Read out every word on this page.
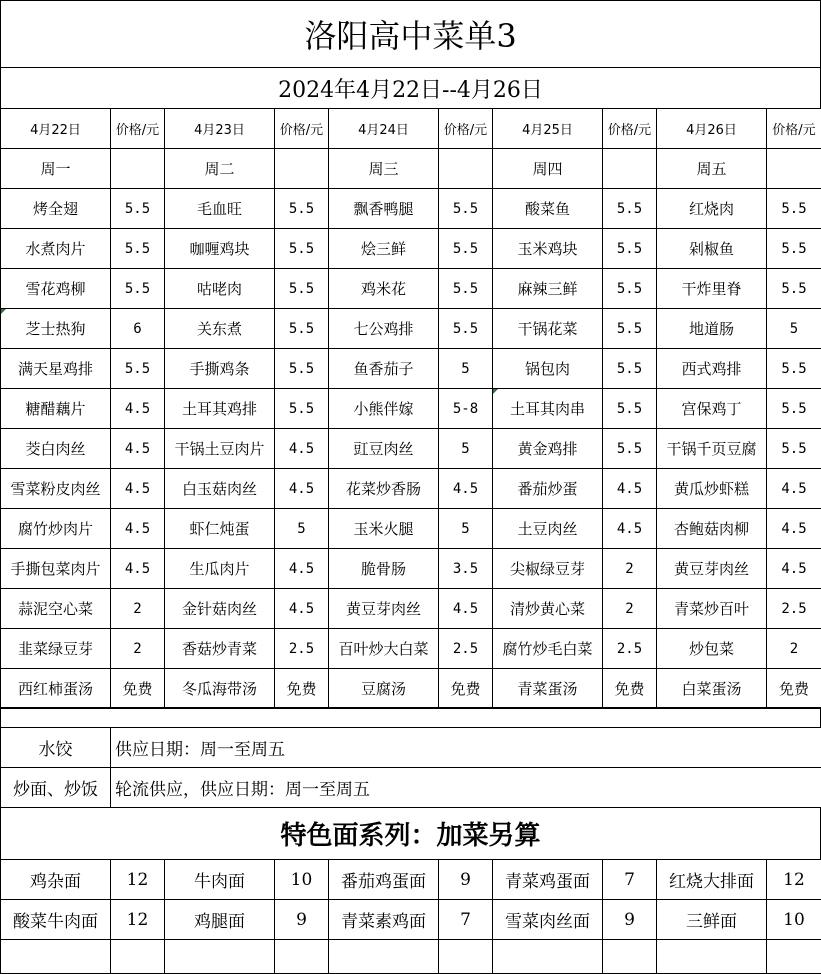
洛阳高中菜单3
2024年4月22日--4月26日
4月22日	价格/元	4月23日	价格/元	4月24日	价格/元	4月25日	价格/元	4月26日	价格/元
周一		周二		周三		周四		周五	
烤全翅	5.5	毛血旺	5.5	飘香鸭腿	5.5	酸菜鱼	5.5	红烧肉	5.5
水煮肉片	5.5	咖喱鸡块	5.5	烩三鲜	5.5	玉米鸡块	5.5	剁椒鱼	5.5
雪花鸡柳	5.5	咕咾肉	5.5	鸡米花	5.5	麻辣三鲜	5.5	干炸里脊	5.5
芝士热狗	6	关东煮	5.5	七公鸡排	5.5	干锅花菜	5.5	地道肠	5
满天星鸡排	5.5	手撕鸡条	5.5	鱼香茄子	5	锅包肉	5.5	西式鸡排	5.5
糖醋藕片	4.5	土耳其鸡排	5.5	小熊伴嫁	5-8	土耳其肉串	5.5	宫保鸡丁	5.5
茭白肉丝	4.5	干锅土豆肉片	4.5	豇豆肉丝	5	黄金鸡排	5.5	干锅千页豆腐	5.5
雪菜粉皮肉丝	4.5	白玉菇肉丝	4.5	花菜炒香肠	4.5	番茄炒蛋	4.5	黄瓜炒虾糕	4.5
腐竹炒肉片	4.5	虾仁炖蛋	5	玉米火腿	5	土豆肉丝	4.5	杏鲍菇肉柳	4.5
手撕包菜肉片	4.5	生瓜肉片	4.5	脆骨肠	3.5	尖椒绿豆芽	2	黄豆芽肉丝	4.5
蒜泥空心菜	2	金针菇肉丝	4.5	黄豆芽肉丝	4.5	清炒黄心菜	2	青菜炒百叶	2.5
韭菜绿豆芽	2	香菇炒青菜	2.5	百叶炒大白菜	2.5	腐竹炒毛白菜	2.5	炒包菜	2
西红柿蛋汤	免费	冬瓜海带汤	免费	豆腐汤	免费	青菜蛋汤	免费	白菜蛋汤	免费
水饺	供应日期：周一至周五
炒面、炒饭	轮流供应，供应日期：周一至周五
特色面系列：加菜另算
鸡杂面	12	牛肉面	10	番茄鸡蛋面	9	青菜鸡蛋面	7	红烧大排面	12
酸菜牛肉面	12	鸡腿面	9	青菜素鸡面	7	雪菜肉丝面	9	三鲜面	10
